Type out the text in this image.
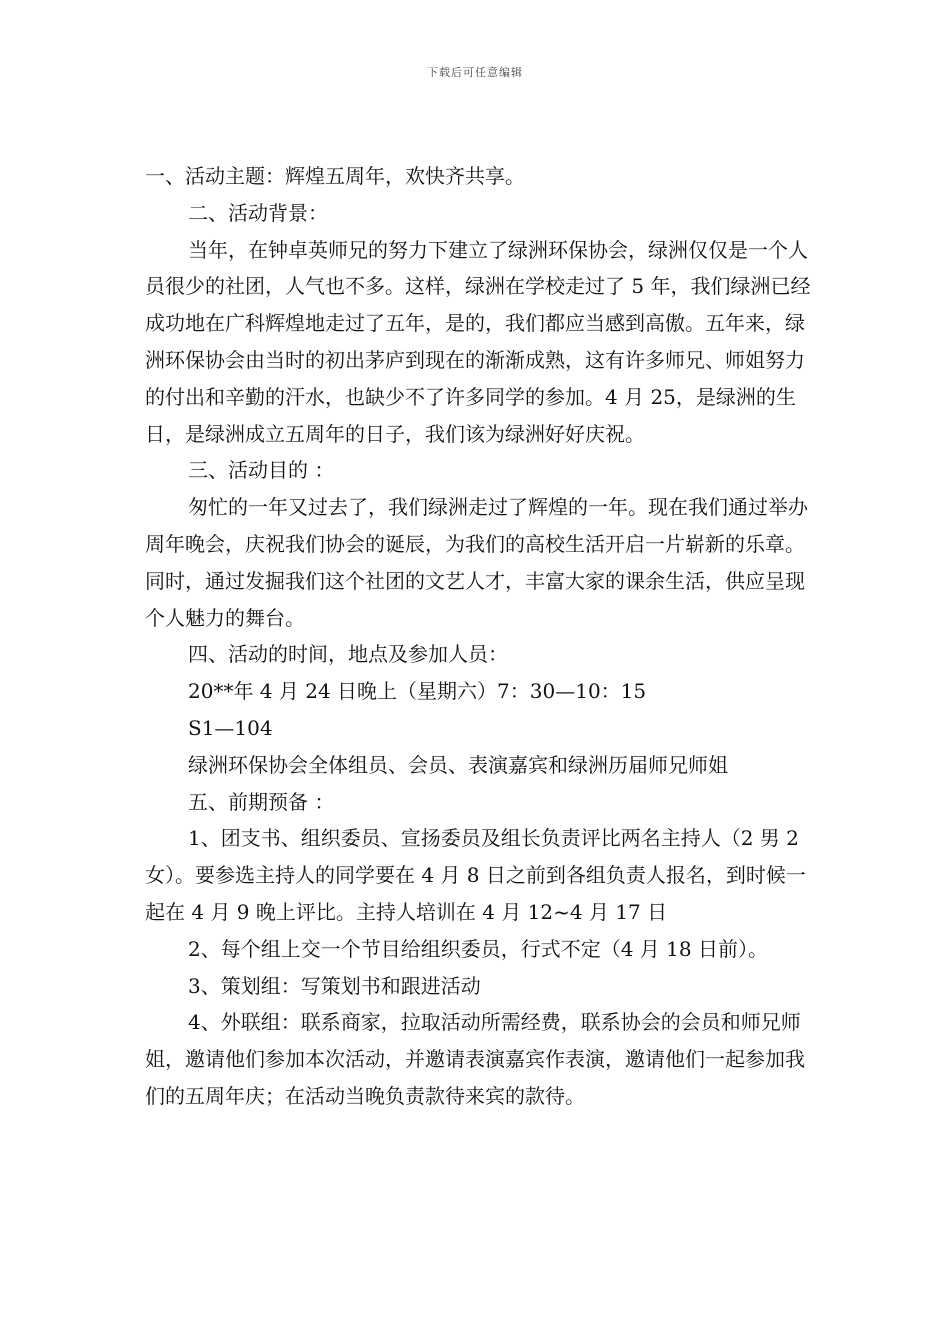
下载后可任意编辑

一、活动主题：辉煌五周年，欢快齐共享。

二、活动背景：

当年，在钟卓英师兄的努力下建立了绿洲环保协会，绿洲仅仅是一个人员很少的社团，人气也不多。这样，绿洲在学校走过了 5 年，我们绿洲已经成功地在广科辉煌地走过了五年，是的，我们都应当感到高傲。五年来，绿洲环保协会由当时的初出茅庐到现在的渐渐成熟，这有许多师兄、师姐努力的付出和辛勤的汗水，也缺少不了许多同学的参加。4 月 25，是绿洲的生日，是绿洲成立五周年的日子，我们该为绿洲好好庆祝。

三、活动目的 ：

匆忙的一年又过去了，我们绿洲走过了辉煌的一年。现在我们通过举办周年晚会，庆祝我们协会的诞辰，为我们的高校生活开启一片崭新的乐章。同时，通过发掘我们这个社团的文艺人才，丰富大家的课余生活，供应呈现个人魅力的舞台。

四、活动的时间，地点及参加人员：

20**年 4 月 24 日晚上（星期六）7：30—10：15

S1—104

绿洲环保协会全体组员、会员、表演嘉宾和绿洲历届师兄师姐

五、前期预备 ：

1、团支书、组织委员、宣扬委员及组长负责评比两名主持人（2 男 2 女）。要参选主持人的同学要在 4 月 8 日之前到各组负责人报名，到时候一起在 4 月 9 晚上评比。主持人培训在 4 月 12~4 月 17 日

2、每个组上交一个节目给组织委员，行式不定（4 月 18 日前）。

3、策划组：写策划书和跟进活动

4、外联组：联系商家，拉取活动所需经费，联系协会的会员和师兄师姐，邀请他们参加本次活动，并邀请表演嘉宾作表演，邀请他们一起参加我们的五周年庆；在活动当晚负责款待来宾的款待。
